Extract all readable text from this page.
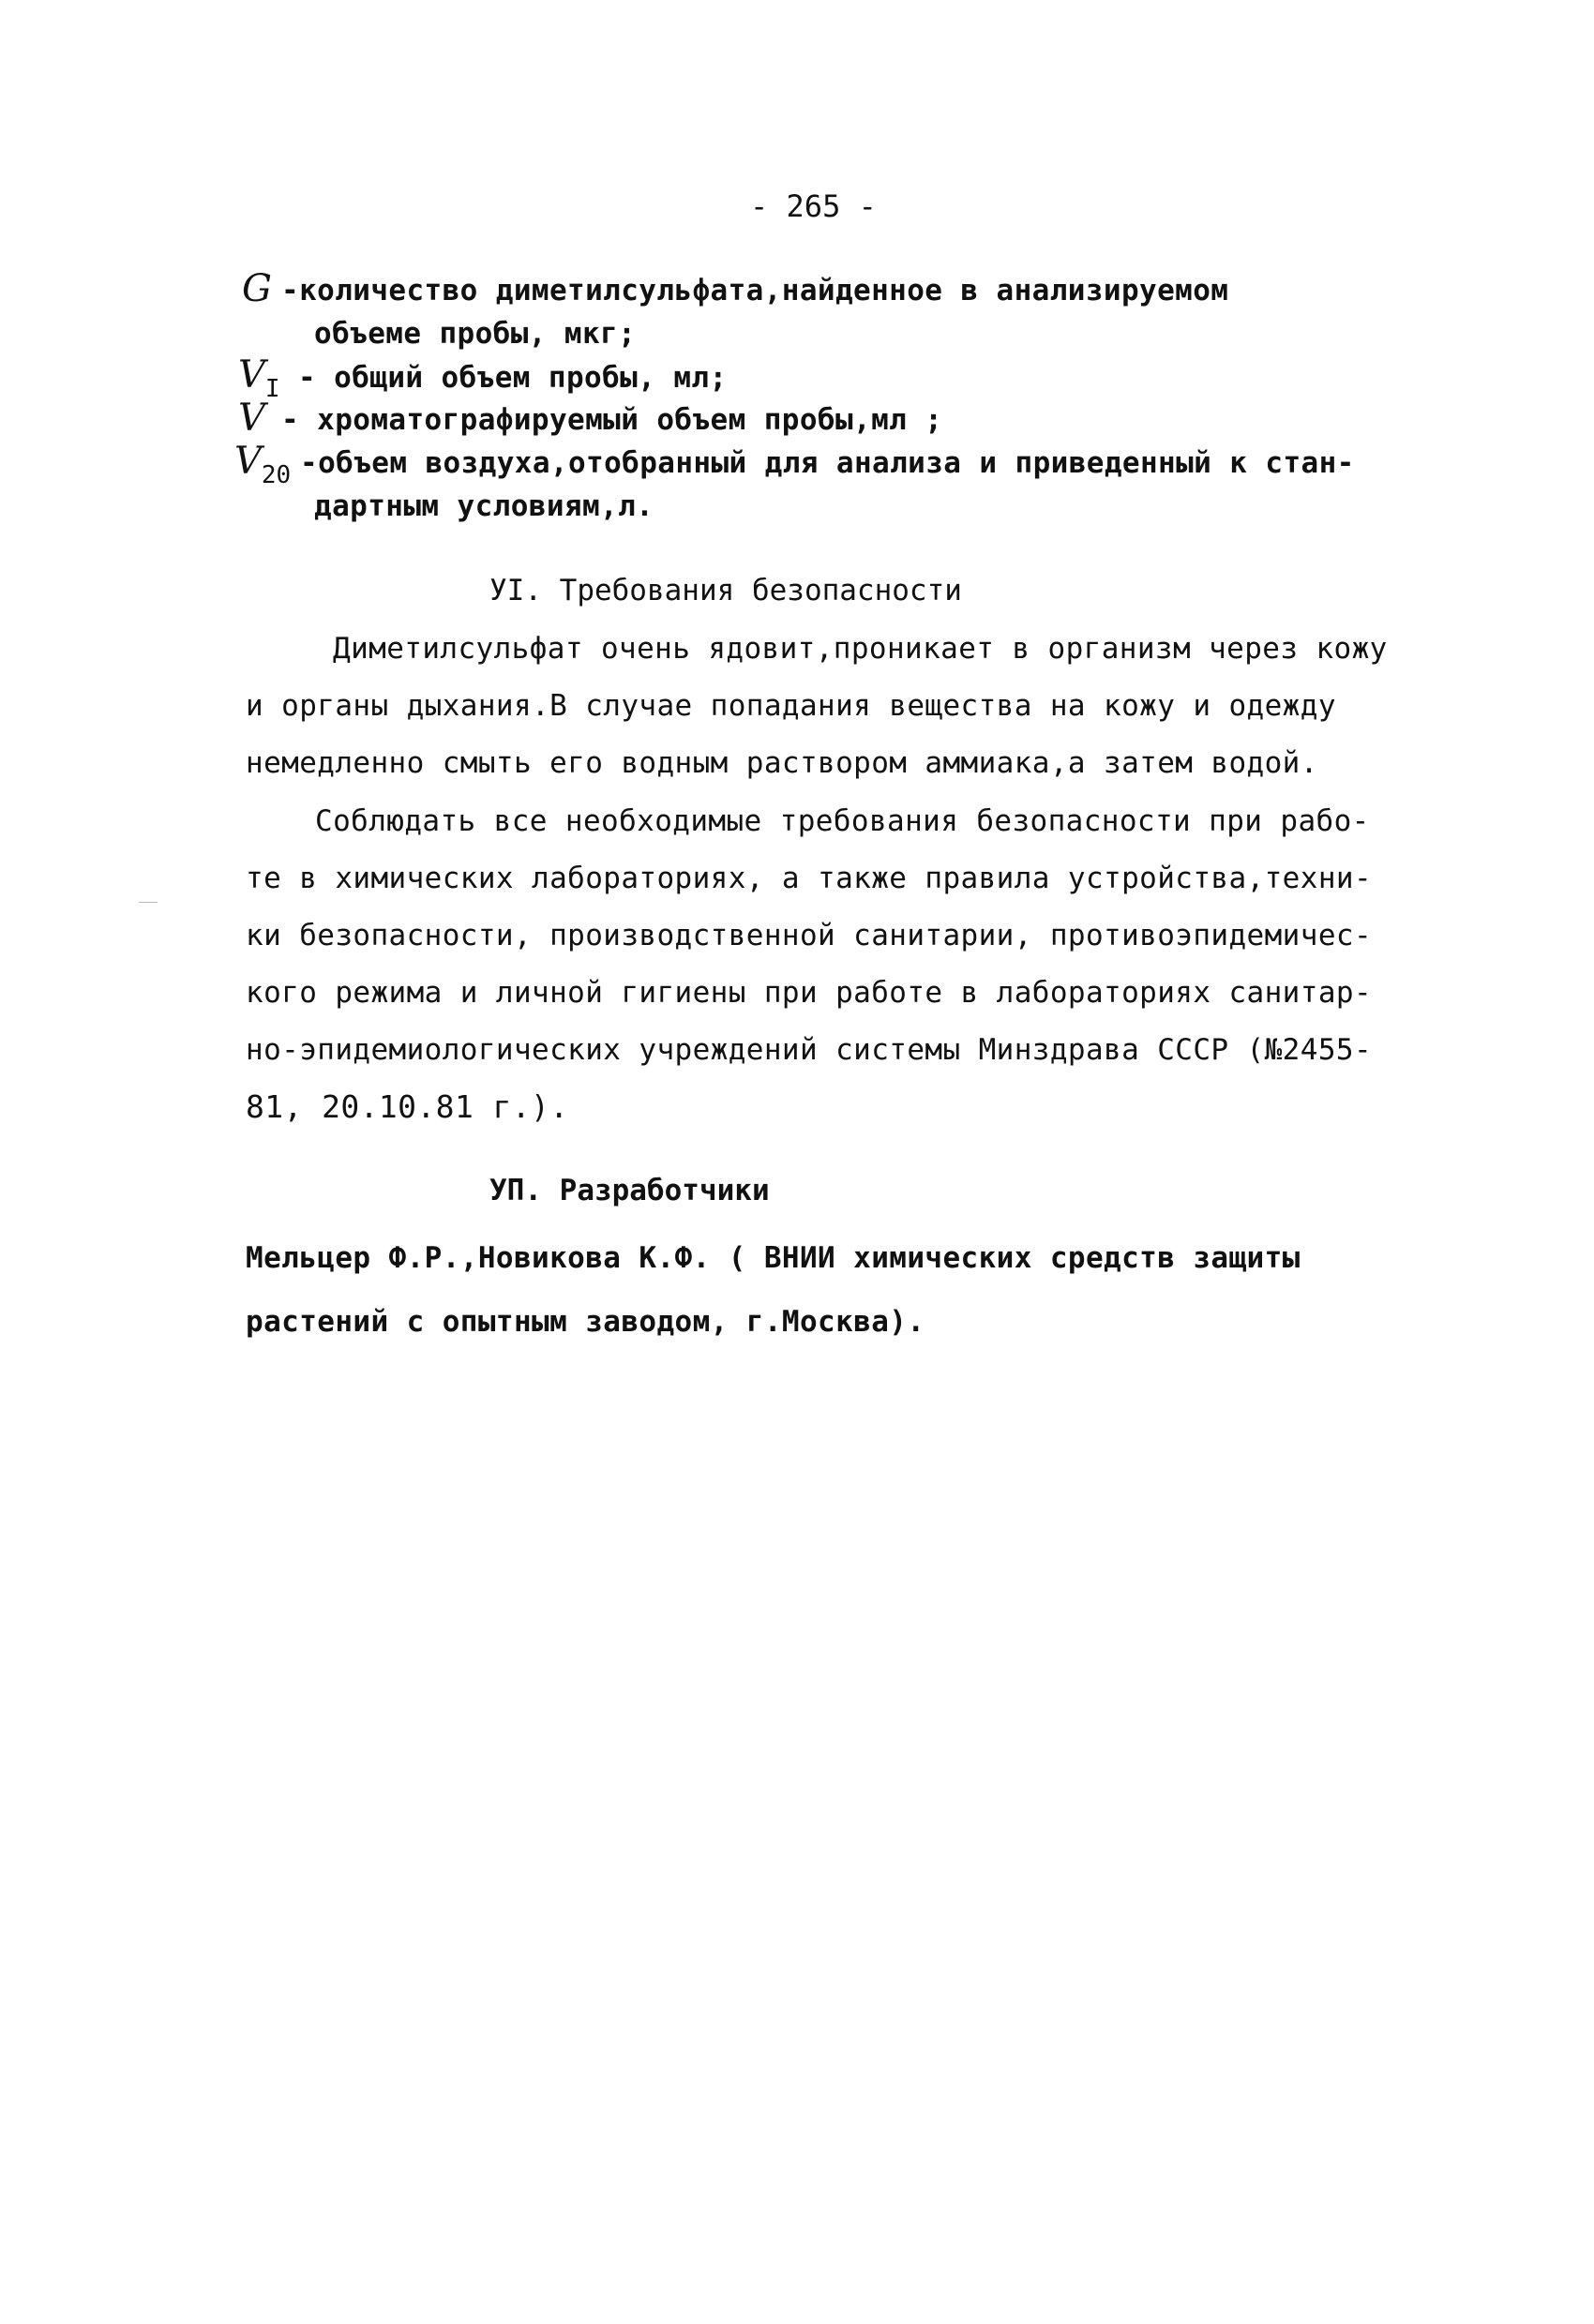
- 265 -
G -количество диметилсульфата,найденное в анализируемом
объеме пробы, мкг;
$V_I$ - общий объем пробы, мл;
V - хроматографируемый объем пробы,мл ;
$V_{20}$ -объем воздуха,отобранный для анализа и приведенный к стан-
дартным условиям,л.
УI. Требования безопасности
Диметилсульфат очень ядовит,проникает в организм через кожу
и органы дыхания.В случае попадания вещества на кожу и одежду
немедленно смыть его водным раствором аммиака,а затем водой.
Соблюдать все необходимые требования безопасности при рабо-
те в химических лабораториях, а также правила устройства,техни-
ки безопасности, производственной санитарии, противоэпидемичес-
кого режима и личной гигиены при работе в лабораториях санитар-
но-эпидемиологических учреждений системы Минздрава СССР (№2455-
81, 20.10.81 г.).
УП. Разработчики
Мельцер Ф.Р.,Новикова К.Ф. ( ВНИИ химических средств защиты
растений с опытным заводом, г.Москва).
